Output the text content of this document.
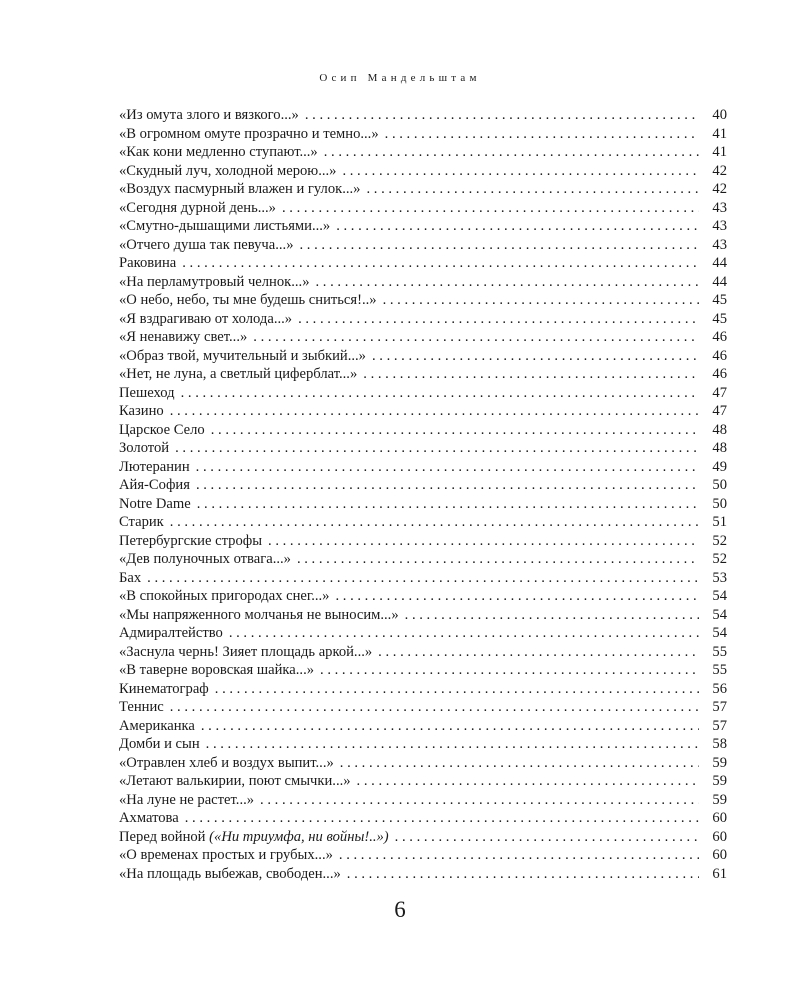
Осип Мандельштам
«Из омута злого и вязкого...» . . .	40
«В огромном омуте прозрачно и темно...» . . .	41
«Как кони медленно ступают...» . . .	41
«Скудный луч, холодной мерою...» . . .	42
«Воздух пасмурный влажен и гулок...» . . .	42
«Сегодня дурной день...» . . .	43
«Смутно-дышащими листьями...» . . .	43
«Отчего душа так певуча...» . . .	43
Раковина . . .	44
«На перламутровый челнок...» . . .	44
«О небо, небо, ты мне будешь сниться!..» . . .	45
«Я вздрагиваю от холода...» . . .	45
«Я ненавижу свет...» . . .	46
«Образ твой, мучительный и зыбкий...» . . .	46
«Нет, не луна, а светлый циферблат...» . . .	46
Пешеход . . .	47
Казино . . .	47
Царское Село . . .	48
Золотой . . .	48
Лютеранин . . .	49
Айя-София . . .	50
Notre Dame . . .	50
Старик . . .	51
Петербургские строфы . . .	52
«Дев полуночных отвага...» . . .	52
Бах . . .	53
«В спокойных пригородах снег...» . . .	54
«Мы напряженного молчанья не выносим...» . . .	54
Адмиралтейство . . .	54
«Заснула чернь! Зияет площадь аркой...» . . .	55
«В таверне воровская шайка...» . . .	55
Кинематограф . . .	56
Теннис . . .	57
Американка . . .	57
Домби и сын . . .	58
«Отравлен хлеб и воздух выпит...» . . .	59
«Летают валькирии, поют смычки...» . . .	59
«На луне не растет...» . . .	59
Ахматова . . .	60
Перед войной («Ни триумфа, ни войны!..») . . .	60
«О временах простых и грубых...» . . .	60
«На площадь выбежав, свободен...» . . .	61
6
